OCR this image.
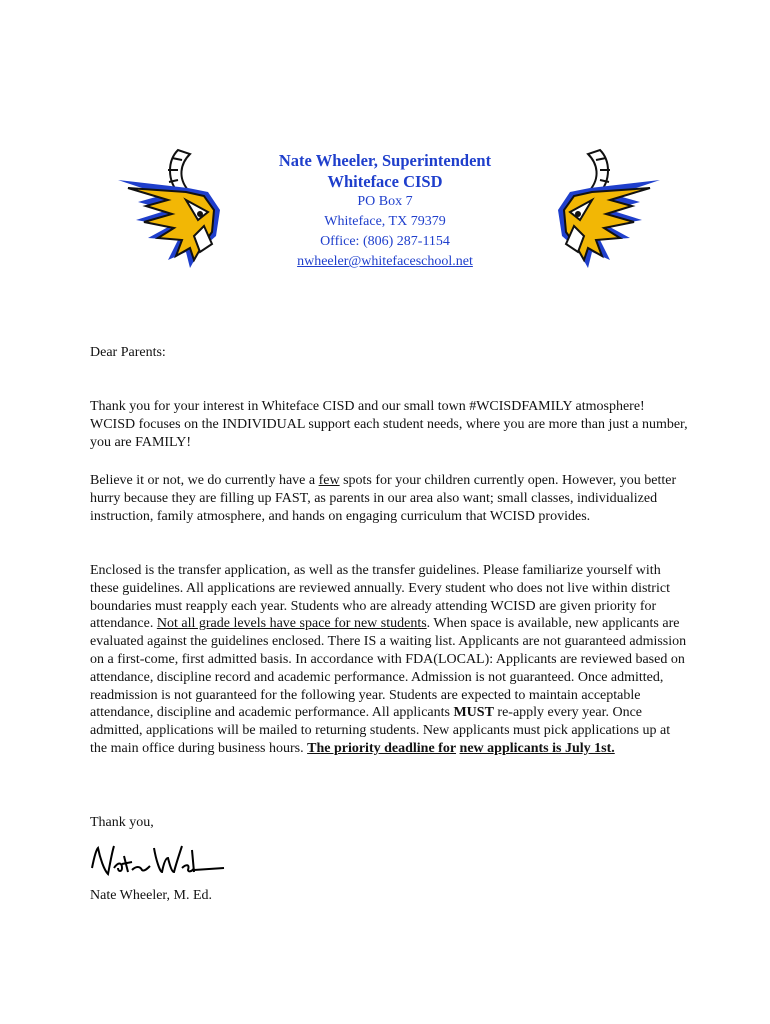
Nate Wheeler, Superintendent
Whiteface CISD
PO Box 7
Whiteface, TX 79379
Office: (806) 287-1154
nwheeler@whitefaceschool.net

Dear Parents:

Thank you for your interest in Whiteface CISD and our small town #WCISDFAMILY atmosphere! WCISD focuses on the INDIVIDUAL support each student needs, where you are more than just a number, you are FAMILY!

Believe it or not, we do currently have a few spots for your children currently open. However, you better hurry because they are filling up FAST, as parents in our area also want; small classes, individualized instruction, family atmosphere, and hands on engaging curriculum that WCISD provides.

Enclosed is the transfer application, as well as the transfer guidelines. Please familiarize yourself with these guidelines. All applications are reviewed annually. Every student who does not live within district boundaries must reapply each year. Students who are already attending WCISD are given priority for attendance. Not all grade levels have space for new students. When space is available, new applicants are evaluated against the guidelines enclosed. There IS a waiting list. Applicants are not guaranteed admission on a first-come, first admitted basis. In accordance with FDA(LOCAL): Applicants are reviewed based on attendance, discipline record and academic performance. Admission is not guaranteed. Once admitted, readmission is not guaranteed for the following year. Students are expected to maintain acceptable attendance, discipline and academic performance. All applicants MUST re-apply every year. Once admitted, applications will be mailed to returning students. New applicants must pick applications up at the main office during business hours. The priority deadline for new applicants is July 1st.

Thank you,

Nate Wheeler, M. Ed.
